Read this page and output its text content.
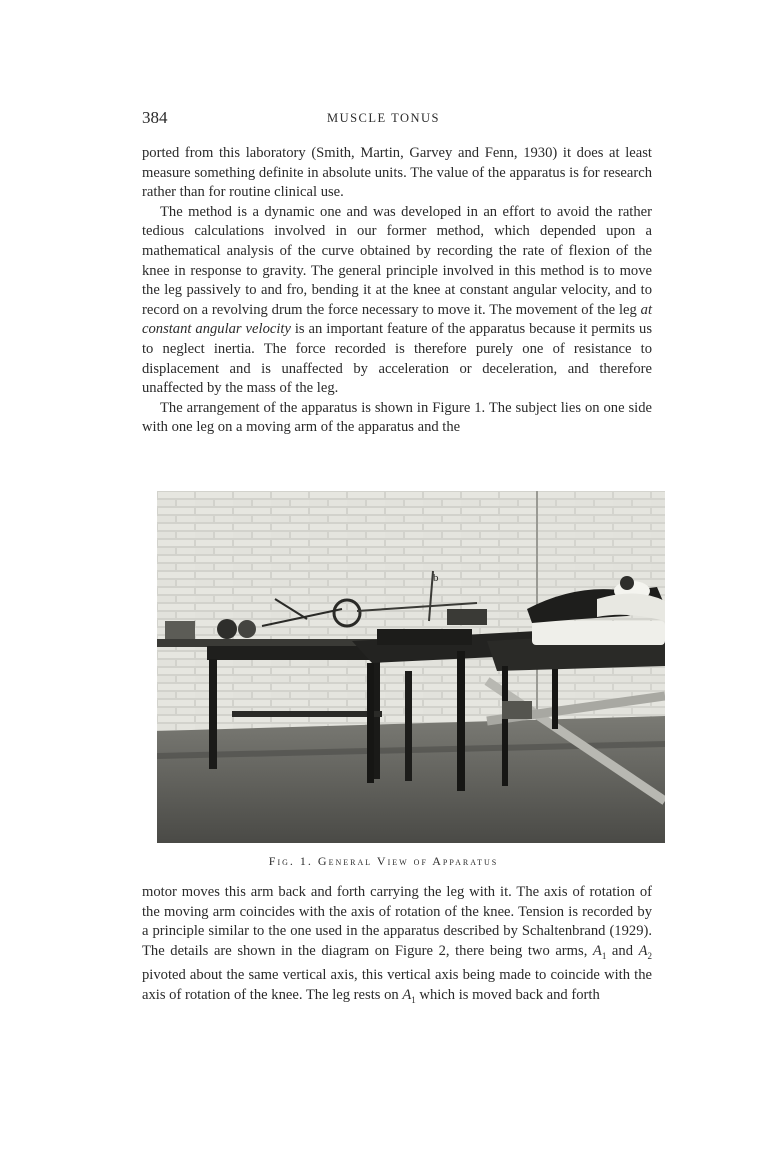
384	MUSCLE TONUS

ported from this laboratory (Smith, Martin, Garvey and Fenn, 1930) it does at least measure something definite in absolute units. The value of the apparatus is for research rather than for routine clinical use.

The method is a dynamic one and was developed in an effort to avoid the rather tedious calculations involved in our former method, which depended upon a mathematical analysis of the curve obtained by recording the rate of flexion of the knee in response to gravity. The general principle involved in this method is to move the leg passively to and fro, bending it at the knee at constant angular velocity, and to record on a revolving drum the force necessary to move it. The movement of the leg at constant angular velocity is an important feature of the apparatus because it permits us to neglect inertia. The force recorded is therefore purely one of resistance to displacement and is unaffected by acceleration or deceleration, and therefore unaffected by the mass of the leg.

The arrangement of the apparatus is shown in Figure 1. The subject lies on one side with one leg on a moving arm of the apparatus and the

b
Fig. 1. General View of Apparatus

motor moves this arm back and forth carrying the leg with it. The axis of rotation of the moving arm coincides with the axis of rotation of the knee. Tension is recorded by a principle similar to the one used in the apparatus described by Schaltenbrand (1929). The details are shown in the diagram on Figure 2, there being two arms, $A_1$ and $A_2$ pivoted about the same vertical axis, this vertical axis being made to coincide with the axis of rotation of the knee. The leg rests on $A_1$ which is moved back and forth
